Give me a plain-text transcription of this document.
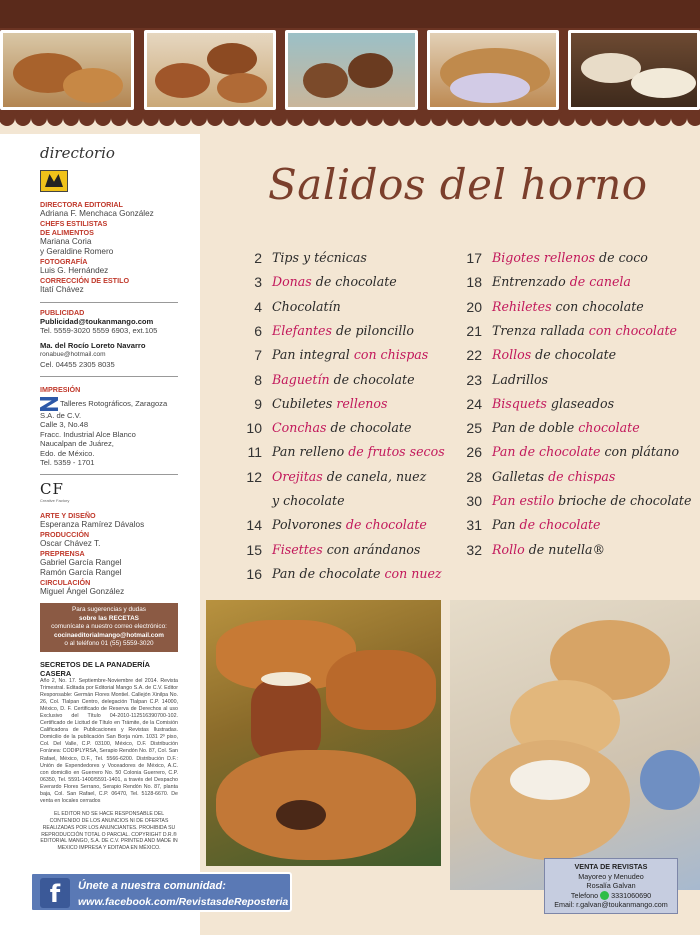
directorio
DIRECTORA EDITORIAL
Adriana F. Menchaca González
CHEFS ESTILISTAS
DE ALIMENTOS
Mariana Coria
y Geraldine Romero
FOTOGRAFÍA
Luis G. Hernández
CORRECCIÓN DE ESTILO
Itatí Chávez
PUBLICIDAD
Publicidad@toukanmango.com
Tel. 5559-3020 5559 6903, ext.105
Ma. del Rocío Loreto Navarro
ronabue@hotmail.com
Cel. 04455 2305 8035
IMPRESIÓN
Talleres Rotográficos, Zaragoza
S.A. de C.V.
Calle 3, No.48
Fracc. Industrial Alce Blanco
Naucalpan de Juárez,
Edo. de México.
Tel. 5359 - 1701
CF
Creative Factory
ARTE Y DISEÑO
Esperanza Ramírez Dávalos
PRODUCCIÓN
Oscar Chávez T.
PREPRENSA
Gabriel García Rangel
Ramón García Rangel
CIRCULACIÓN
Miguel Ángel González
Para sugerencias y dudas
sobre las RECETAS
comunícate a nuestro correo electrónico:
cocinaeditorialmango@hotmail.com
o al teléfono 01 (55) 5559-3020
SECRETOS DE LA PANADERÍA CASERA
Año 2, No. 17. Septiembre-Noviembre del 2014. Revista Trimestral. Editada por Editorial Mango S.A. de C.V. Editor Responsable: Germán Flores Montiel. Callejón Xinilpa No. 26, Col. Tlalpan Centro, delegación Tlalpan C.P. 14000, México, D. F. Certificado de Reserva de Derechos al uso Exclusivo del Título 04-2010-112516390700-102. Certificado de Licitud de Título en Trámite, de la Comisión Calificadora de Publicaciones y Revistas Ilustradas. Domicilio de la publicación San Borja núm. 1031 2º piso, Col. Del Valle, C.P. 03100, México, D.F. Distribución Foránea: CODIPLYRSA, Serapio Rendón No. 87, Col. San Rafael, México, D.F., Tel. 5566-6200. Distribución D.F.: Unión de Expendedores y Voceadores de México, A.C. con domicilio en Guerrero No. 50 Colonia Guerrero, C.P. 06350, Tel. 5591-1400/5591-1401, a través del Despacho Everardo Flores Serrano, Serapio Rendón No. 87, planta baja, Col. San Rafael, C.P. 06470, Tel. 5128-6670. De venta en locales cerrados
EL EDITOR NO SE HACE RESPONSABLE DEL CONTENIDO DE LOS ANUNCIOS NI DE OFERTAS REALIZADAS POR LOS ANUNCIANTES. PROHIBIDA SU REPRODUCCIÓN TOTAL O PARCIAL. COPYRIGHT D.R.® EDITORIAL MANGO, S.A. DE C.V. PRINTED AND MADE IN MEXICO IMPRESA Y EDITADA EN MÉXICO.
f	Únete a nuestra comunidad:
www.facebook.com/RevistasdeReposteria
Salidos del horno
2 Tips y técnicas
3 Donas de chocolate
4 Chocolatín
6 Elefantes de piloncillo
7 Pan integral con chispas
8 Baguetín de chocolate
9 Cubiletes rellenos
10 Conchas de chocolate
11 Pan relleno de frutos secos
12 Orejitas de canela, nuez
y chocolate
14 Polvorones de chocolate
15 Fisettes con arándanos
16 Pan de chocolate con nuez
17 Bigotes rellenos de coco
18 Entrenzado de canela
20 Rehiletes con chocolate
21 Trenza rallada con chocolate
22 Rollos de chocolate
23 Ladrillos
24 Bisquets glaseados
25 Pan de doble chocolate
26 Pan de chocolate con plátano
28 Galletas de chispas
30 Pan estilo brioche de chocolate
31 Pan de chocolate
32 Rollo de nutella®
VENTA DE REVISTAS
Mayoreo y Menudeo
Rosalía Galvan
Telefono 3331060690
Email: r.galvan@toukanmango.com
